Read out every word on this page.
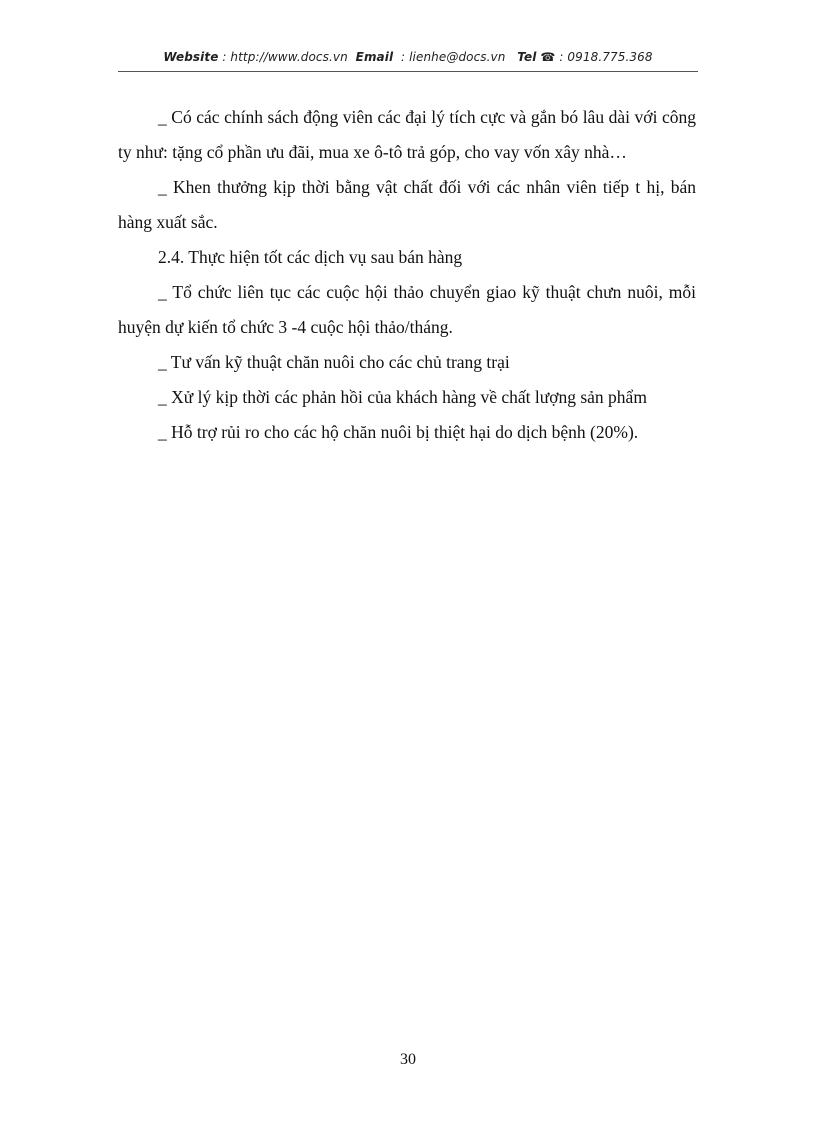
Website : http://www.docs.vn Email  : lienhe@docs.vn Tel ☎ : 0918.775.368

_ Có các chính sách động viên các đại lý tích cực và gắn bó lâu dài với công ty như: tặng cổ phần ưu đãi, mua xe ô-tô trả góp, cho vay vốn xây nhà…

_ Khen thưởng kịp thời bằng vật chất đối với các nhân viên tiếp t hị, bán hàng xuất sắc.

2.4. Thực hiện tốt các dịch vụ sau bán hàng

_ Tổ chức liên tục các cuộc hội thảo chuyển giao kỹ thuật chưn nuôi, mỗi huyện dự kiến tổ chức 3 -4 cuộc hội thảo/tháng.

_ Tư vấn kỹ thuật chăn nuôi cho các chủ trang trại

_ Xử lý kịp thời các phản hồi của khách hàng về chất lượng sản phẩm

_ Hỗ trợ rủi ro cho các hộ chăn nuôi bị thiệt hại do dịch bệnh (20%).

30
